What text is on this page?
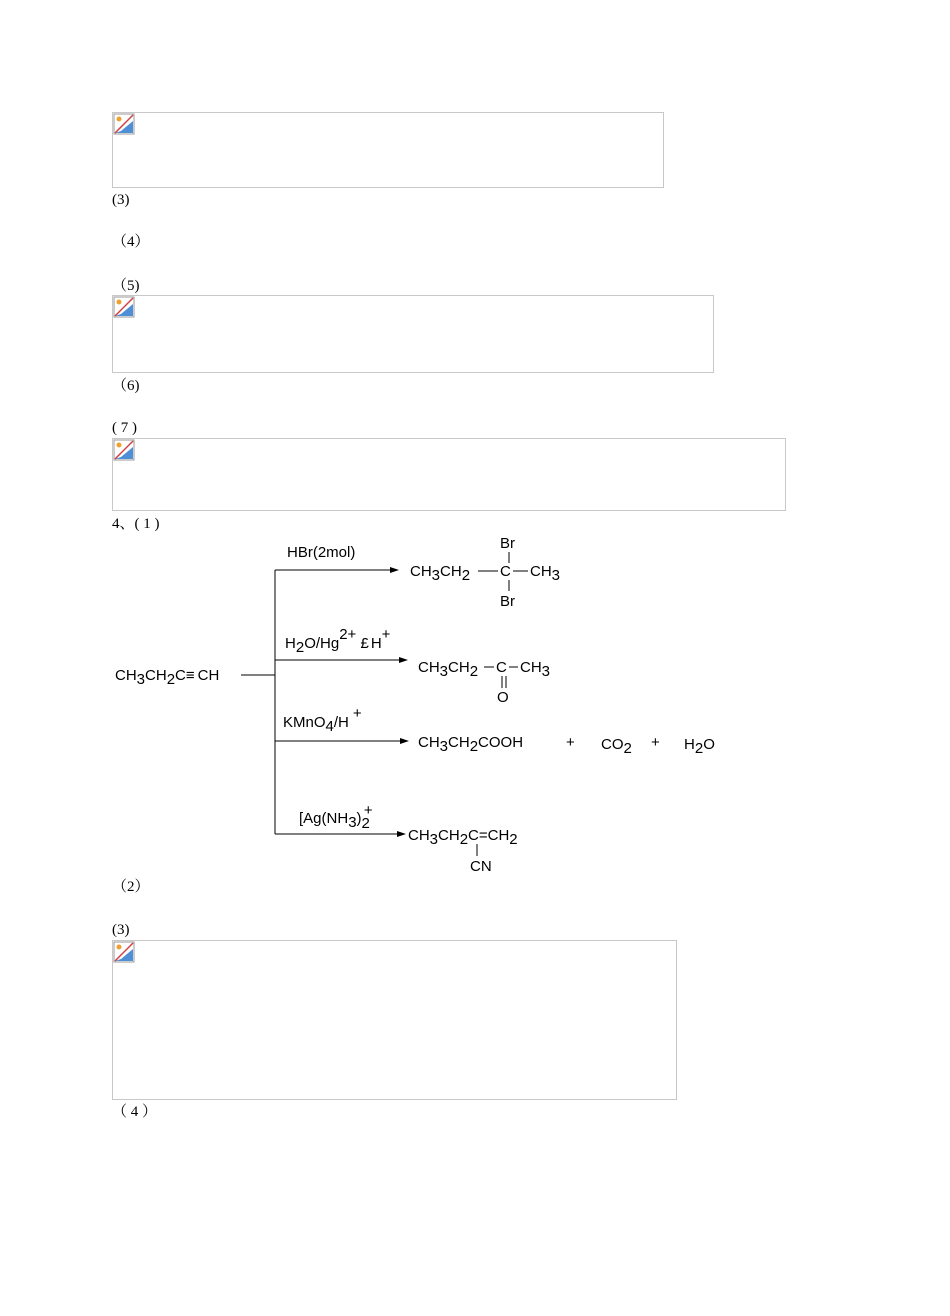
(3)
（4）
（5)
（6)
( 7 )
4、( 1 )
CH3CH2C≡ CH
HBr(2mol)
Br
CH3CH2 C CH3
Br
H2O/Hg2+ £ H+
CH3CH2 C CH3
O
KMnO4/H+
CH3CH2COOH	+ CO2 + H2O
[Ag(NH3)2+
CH3CH2C=CH2
CN
（2）
(3)
（ 4 ）
